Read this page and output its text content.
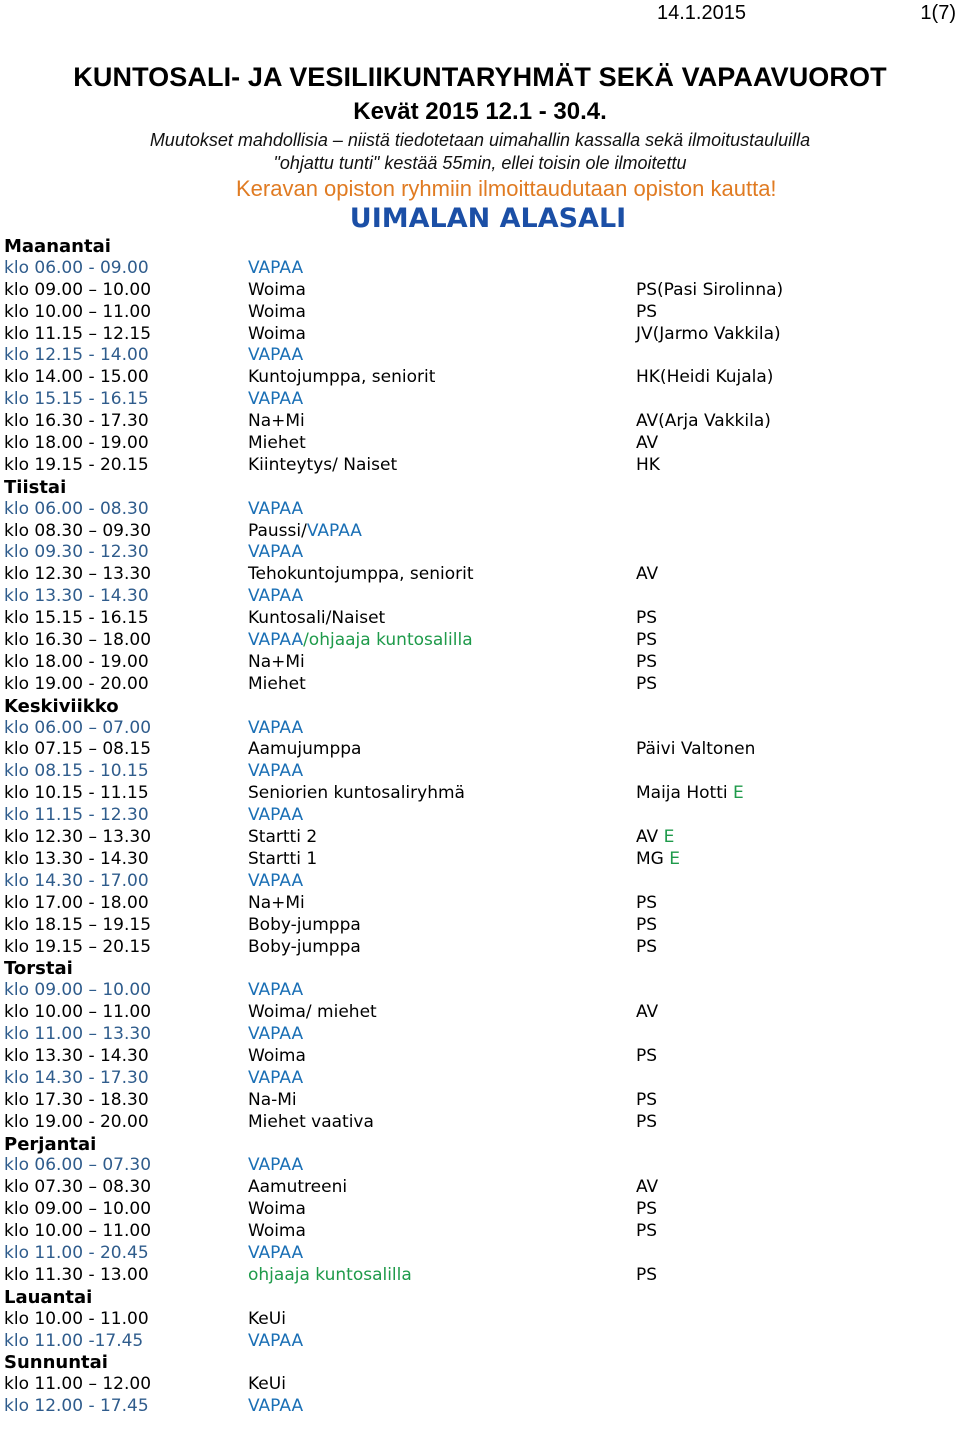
14.1.2015	1(7)
KUNTOSALI- JA VESILIIKUNTARYHMÄT SEKÄ VAPAAVUOROT
Kevät 2015 12.1 - 30.4.
Muutokset mahdollisia – niistä tiedotetaan uimahallin kassalla sekä ilmoitustauluilla
"ohjattu tunti" kestää 55min, ellei toisin ole ilmoitettu
Keravan opiston ryhmiin ilmoittaudutaan opiston kautta!
UIMALAN ALASALI
Maanantai
klo 06.00 - 09.00	VAPAA
klo 09.00 – 10.00	Woima	PS(Pasi Sirolinna)
klo 10.00 – 11.00	Woima	PS
klo 11.15 – 12.15	Woima	JV(Jarmo Vakkila)
klo 12.15 - 14.00	VAPAA
klo 14.00 - 15.00	Kuntojumppa, seniorit	HK(Heidi Kujala)
klo 15.15 - 16.15	VAPAA
klo 16.30 - 17.30	Na+Mi	AV(Arja Vakkila)
klo 18.00 - 19.00	Miehet	AV
klo 19.15 - 20.15	Kiinteytys/ Naiset	HK
Tiistai
klo 06.00 - 08.30	VAPAA
klo 08.30 – 09.30	Paussi/VAPAA
klo 09.30 - 12.30	VAPAA
klo 12.30 – 13.30	Tehokuntojumppa, seniorit	AV
klo 13.30 - 14.30	VAPAA
klo 15.15 - 16.15	Kuntosali/Naiset	PS
klo 16.30 – 18.00	VAPAA/ohjaaja kuntosalilla	PS
klo 18.00 - 19.00	Na+Mi	PS
klo 19.00 - 20.00	Miehet	PS
Keskiviikko
klo 06.00 – 07.00	VAPAA
klo 07.15 – 08.15	Aamujumppa	Päivi Valtonen
klo 08.15 - 10.15	VAPAA
klo 10.15 - 11.15	Seniorien kuntosaliryhmä	Maija Hotti E
klo 11.15 - 12.30	VAPAA
klo 12.30 – 13.30	Startti 2	AV E
klo 13.30 - 14.30	Startti 1	MG E
klo 14.30 - 17.00	VAPAA
klo 17.00 - 18.00	Na+Mi	PS
klo 18.15 – 19.15	Boby-jumppa	PS
klo 19.15 – 20.15	Boby-jumppa	PS
Torstai
klo 09.00 – 10.00	VAPAA
klo 10.00 – 11.00	Woima/ miehet	AV
klo 11.00 – 13.30	VAPAA
klo 13.30 - 14.30	Woima	PS
klo 14.30 - 17.30	VAPAA
klo 17.30 - 18.30	Na-Mi	PS
klo 19.00 - 20.00	Miehet vaativa	PS
Perjantai
klo 06.00 – 07.30	VAPAA
klo 07.30 – 08.30	Aamutreeni	AV
klo 09.00 – 10.00	Woima	PS
klo 10.00 – 11.00	Woima	PS
klo 11.00 - 20.45	VAPAA
klo 11.30 - 13.00	ohjaaja kuntosalilla	PS
Lauantai
klo 10.00 - 11.00	KeUi
klo 11.00 -17.45	VAPAA
Sunnuntai
klo 11.00 – 12.00	KeUi
klo 12.00 - 17.45	VAPAA
